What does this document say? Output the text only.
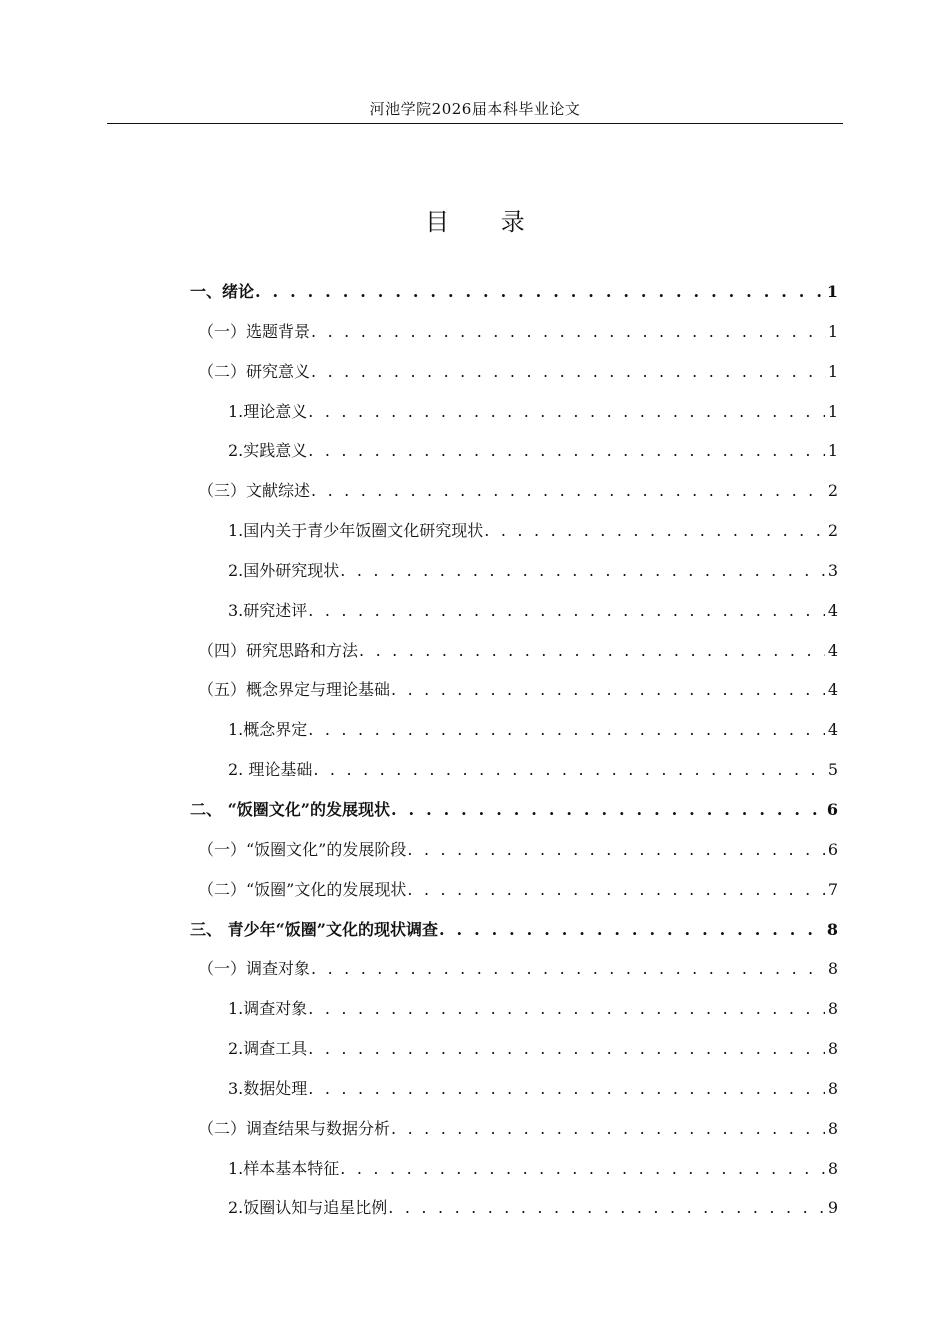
河池学院2026届本科毕业论文
目 录
一、绪论 . . .	1
（一）选题背景 . . .	1
（二）研究意义 . . .	1
1.理论意义 . . .	1
2.实践意义 . . .	1
（三）文献综述 . . .	2
1.国内关于青少年饭圈文化研究现状 . . .	2
2.国外研究现状 . . .	3
3.研究述评 . . .	4
（四）研究思路和方法 . . .	4
（五）概念界定与理论基础 . . .	4
1.概念界定 . . .	4
2. 理论基础 . . .	5
二、 “饭圈文化”的发展现状 . . .	6
（一）“饭圈文化”的发展阶段 . . .	6
（二）“饭圈”文化的发展现状 . . .	7
三、 青少年“饭圈”文化的现状调查 . . .	8
（一）调查对象 . . .	8
1.调查对象 . . .	8
2.调查工具 . . .	8
3.数据处理 . . .	8
（二）调查结果与数据分析 . . .	8
1.样本基本特征 . . .	8
2.饭圈认知与追星比例 . . .	9
